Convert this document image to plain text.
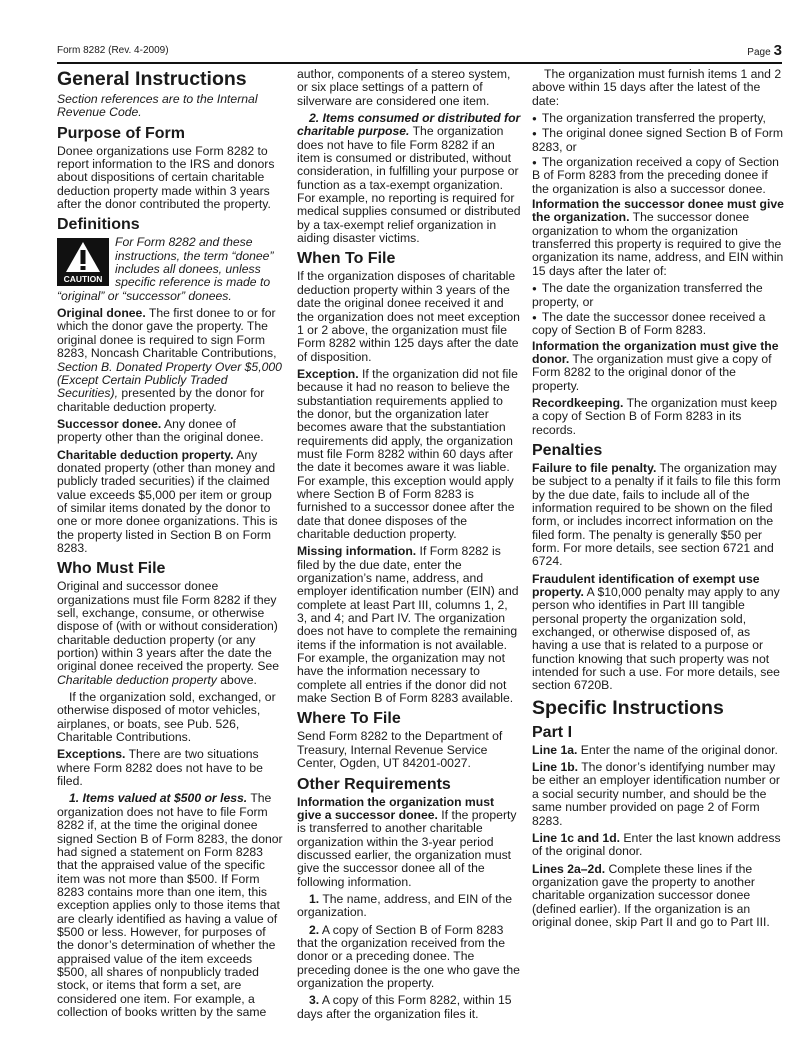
Form 8282 (Rev. 4-2009)	Page 3
General Instructions
Section references are to the Internal Revenue Code.
Purpose of Form
Donee organizations use Form 8282 to report information to the IRS and donors about dispositions of certain charitable deduction property made within 3 years after the donor contributed the property.
Definitions
CAUTION
For Form 8282 and these instructions, the term “donee” includes all donees, unless specific reference is made to “original” or “successor” donees.
Original donee. The first donee to or for which the donor gave the property. The original donee is required to sign Form 8283, Noncash Charitable Contributions, Section B. Donated Property Over $5,000 (Except Certain Publicly Traded Securities), presented by the donor for charitable deduction property.
Successor donee. Any donee of property other than the original donee.
Charitable deduction property. Any donated property (other than money and publicly traded securities) if the claimed value exceeds $5,000 per item or group of similar items donated by the donor to one or more donee organizations. This is the property listed in Section B on Form 8283.
Who Must File
Original and successor donee organizations must file Form 8282 if they sell, exchange, consume, or otherwise dispose of (with or without consideration) charitable deduction property (or any portion) within 3 years after the date the original donee received the property. See Charitable deduction property above.
If the organization sold, exchanged, or otherwise disposed of motor vehicles, airplanes, or boats, see Pub. 526, Charitable Contributions.
Exceptions. There are two situations where Form 8282 does not have to be filed.
1. Items valued at $500 or less. The organization does not have to file Form 8282 if, at the time the original donee signed Section B of Form 8283, the donor had signed a statement on Form 8283 that the appraised value of the specific item was not more than $500. If Form 8283 contains more than one item, this exception applies only to those items that are clearly identified as having a value of $500 or less. However, for purposes of the donor’s determination of whether the appraised value of the item exceeds $500, all shares of nonpublicly traded stock, or items that form a set, are considered one item. For example, a collection of books written by the same
author, components of a stereo system, or six place settings of a pattern of silverware are considered one item.
2. Items consumed or distributed for charitable purpose. The organization does not have to file Form 8282 if an item is consumed or distributed, without consideration, in fulfilling your purpose or function as a tax-exempt organization. For example, no reporting is required for medical supplies consumed or distributed by a tax-exempt relief organization in aiding disaster victims.
When To File
If the organization disposes of charitable deduction property within 3 years of the date the original donee received it and the organization does not meet exception 1 or 2 above, the organization must file Form 8282 within 125 days after the date of disposition.
Exception. If the organization did not file because it had no reason to believe the substantiation requirements applied to the donor, but the organization later becomes aware that the substantiation requirements did apply, the organization must file Form 8282 within 60 days after the date it becomes aware it was liable. For example, this exception would apply where Section B of Form 8283 is furnished to a successor donee after the date that donee disposes of the charitable deduction property.
Missing information. If Form 8282 is filed by the due date, enter the organization’s name, address, and employer identification number (EIN) and complete at least Part III, columns 1, 2, 3, and 4; and Part IV. The organization does not have to complete the remaining items if the information is not available. For example, the organization may not have the information necessary to complete all entries if the donor did not make Section B of Form 8283 available.
Where To File
Send Form 8282 to the Department of Treasury, Internal Revenue Service Center, Ogden, UT 84201-0027.
Other Requirements
Information the organization must give a successor donee. If the property is transferred to another charitable organization within the 3-year period discussed earlier, the organization must give the successor donee all of the following information.
1. The name, address, and EIN of the organization.
2. A copy of Section B of Form 8283 that the organization received from the donor or a preceding donee. The preceding donee is the one who gave the organization the property.
3. A copy of this Form 8282, within 15 days after the organization files it.
The organization must furnish items 1 and 2 above within 15 days after the latest of the date:
● The organization transferred the property,
● The original donee signed Section B of Form 8283, or
● The organization received a copy of Section B of Form 8283 from the preceding donee if the organization is also a successor donee.
Information the successor donee must give the organization. The successor donee organization to whom the organization transferred this property is required to give the organization its name, address, and EIN within 15 days after the later of:
● The date the organization transferred the property, or
● The date the successor donee received a copy of Section B of Form 8283.
Information the organization must give the donor. The organization must give a copy of Form 8282 to the original donor of the property.
Recordkeeping. The organization must keep a copy of Section B of Form 8283 in its records.
Penalties
Failure to file penalty. The organization may be subject to a penalty if it fails to file this form by the due date, fails to include all of the information required to be shown on the filed form, or includes incorrect information on the filed form. The penalty is generally $50 per form. For more details, see section 6721 and 6724.
Fraudulent identification of exempt use property. A $10,000 penalty may apply to any person who identifies in Part III tangible personal property the organization sold, exchanged, or otherwise disposed of, as having a use that is related to a purpose or function knowing that such property was not intended for such a use. For more details, see section 6720B.
Specific Instructions
Part I
Line 1a. Enter the name of the original donor.
Line 1b. The donor’s identifying number may be either an employer identification number or a social security number, and should be the same number provided on page 2 of Form 8283.
Line 1c and 1d. Enter the last known address of the original donor.
Lines 2a–2d. Complete these lines if the organization gave the property to another charitable organization successor donee (defined earlier). If the organization is an original donee, skip Part II and go to Part III.
